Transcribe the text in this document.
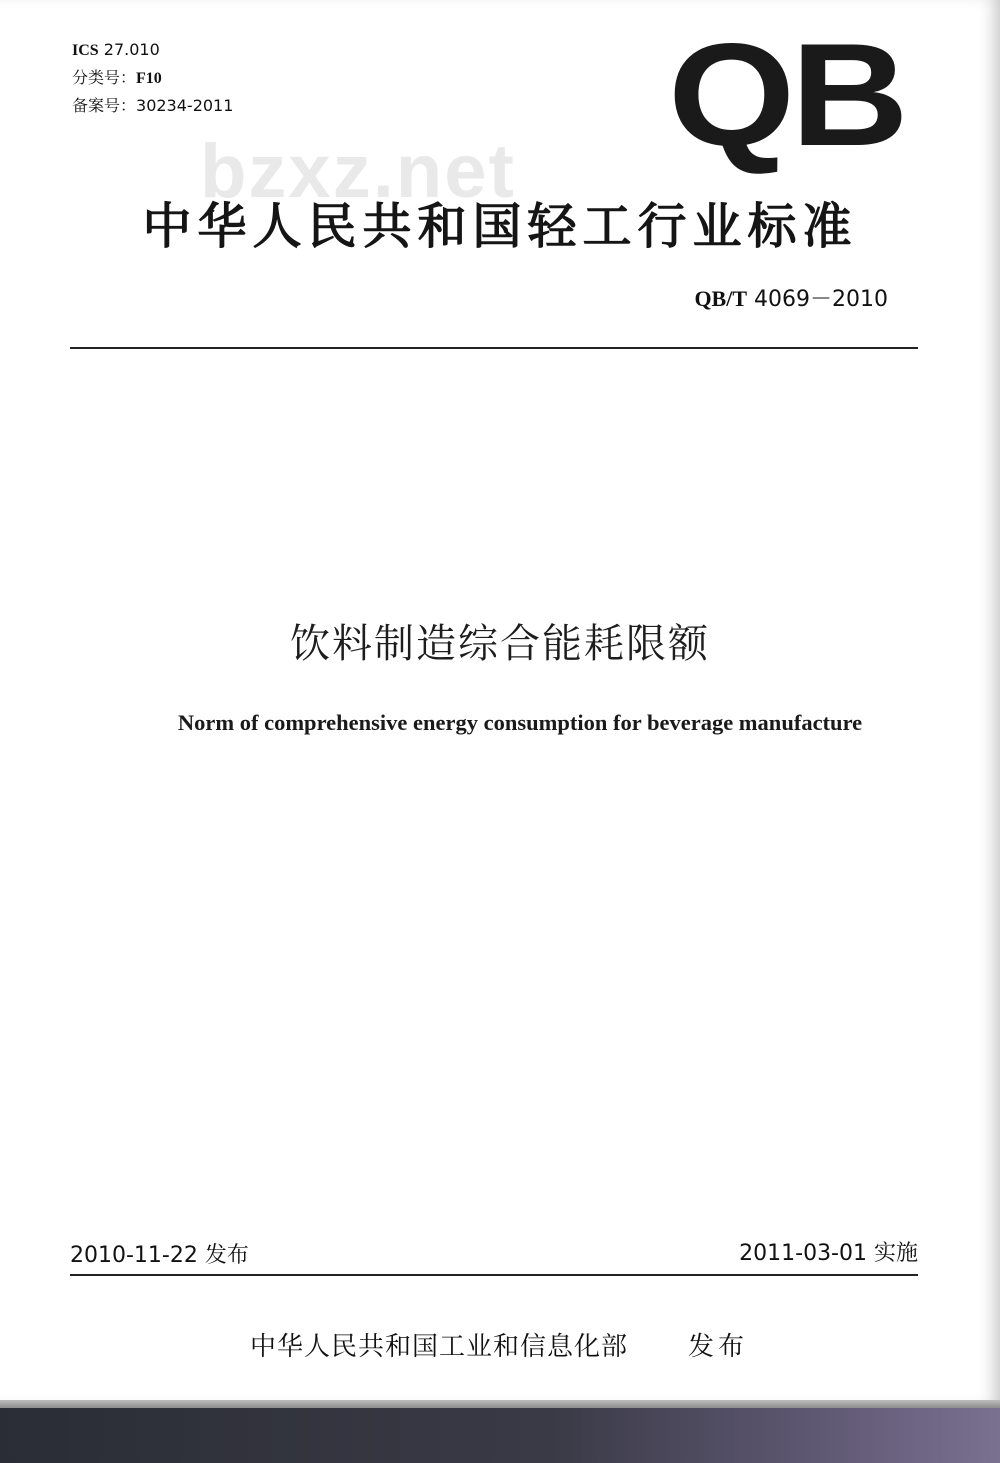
ICS 27.010
分类号：F10
备案号：30234-2011	QB
bzxz.net
中华人民共和国轻工行业标准
QB/T 4069－2010
饮料制造综合能耗限额
Norm of comprehensive energy consumption for beverage manufacture
2010-11-22 发布	2011-03-01 实施
中华人民共和国工业和信息化部 发布
